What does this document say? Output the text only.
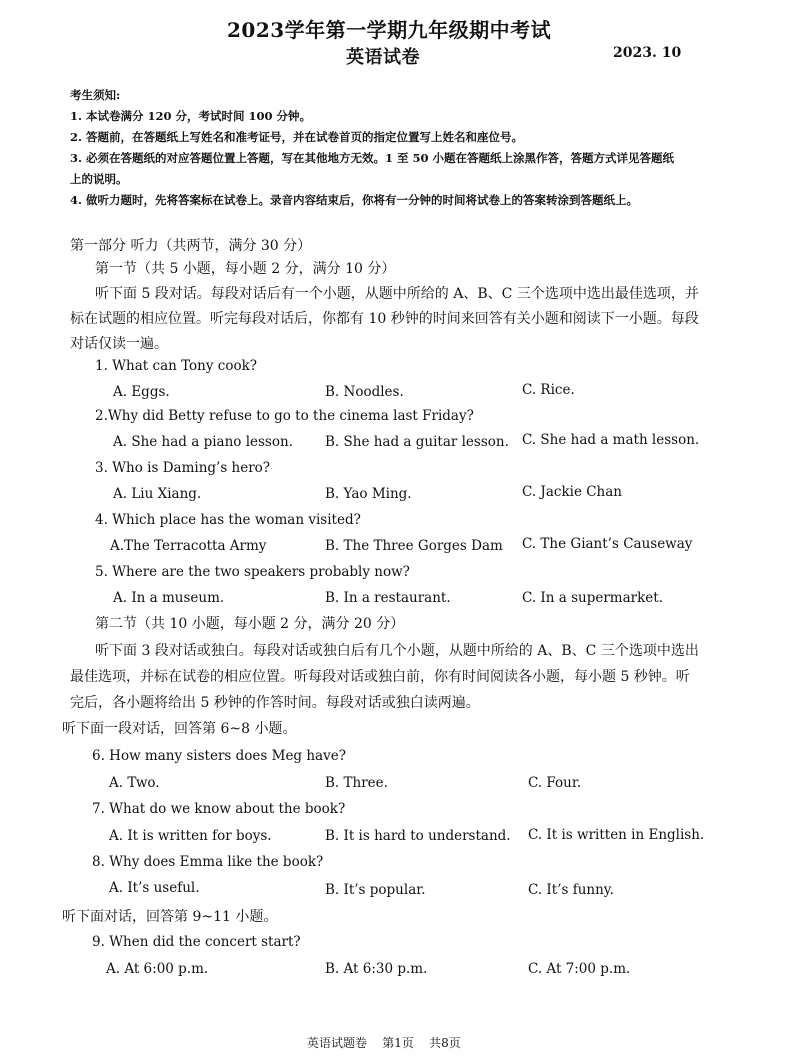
2023学年第一学期九年级期中考试
英语试卷	2023. 10
考生须知:
1. 本试卷满分 120 分，考试时间 100 分钟。
2. 答题前，在答题纸上写姓名和准考证号，并在试卷首页的指定位置写上姓名和座位号。
3. 必须在答题纸的对应答题位置上答题，写在其他地方无效。1 至 50 小题在答题纸上涂黑作答，答题方式详见答题纸
上的说明。
4. 做听力题时，先将答案标在试卷上。录音内容结束后，你将有一分钟的时间将试卷上的答案转涂到答题纸上。
第一部分 听力（共两节，满分 30 分）
第一节（共 5 小题，每小题 2 分，满分 10 分）
听下面 5 段对话。每段对话后有一个小题，从题中所给的 A、B、C 三个选项中选出最佳选项，并
标在试题的相应位置。听完每段对话后，你都有 10 秒钟的时间来回答有关小题和阅读下一小题。每段
对话仅读一遍。
1. What can Tony cook?
A. Eggs.	B. Noodles.	C. Rice.
2.Why did Betty refuse to go to the cinema last Friday?
A. She had a piano lesson. B. She had a guitar lesson. C. She had a math lesson.
3. Who is Daming’s hero?
A. Liu Xiang.	B. Yao Ming.	C. Jackie Chan
4. Which place has the woman visited?
A.The Terracotta Army	B. The Three Gorges Dam C. The Giant’s Causeway
5. Where are the two speakers probably now?
A. In a museum.	B. In a restaurant.	C. In a supermarket.
第二节（共 10 小题，每小题 2 分，满分 20 分）
听下面 3 段对话或独白。每段对话或独白后有几个小题，从题中所给的 A、B、C 三个选项中选出
最佳选项，并标在试卷的相应位置。听每段对话或独白前，你有时间阅读各小题，每小题 5 秒钟。听
完后，各小题将给出 5 秒钟的作答时间。每段对话或独白读两遍。
听下面一段对话，回答第 6~8 小题。
6. How many sisters does Meg have?
A. Two.	B. Three.	C. Four.
7. What do we know about the book?
A. It is written for boys.	B. It is hard to understand. C. It is written in English.
8. Why does Emma like the book?
A. It’s useful.	B. It’s popular.	C. It’s funny.
听下面对话，回答第 9~11 小题。
9. When did the concert start?
A. At 6:00 p.m.	B. At 6:30 p.m.	C. At 7:00 p.m.
英语试题卷    第1页    共8页
